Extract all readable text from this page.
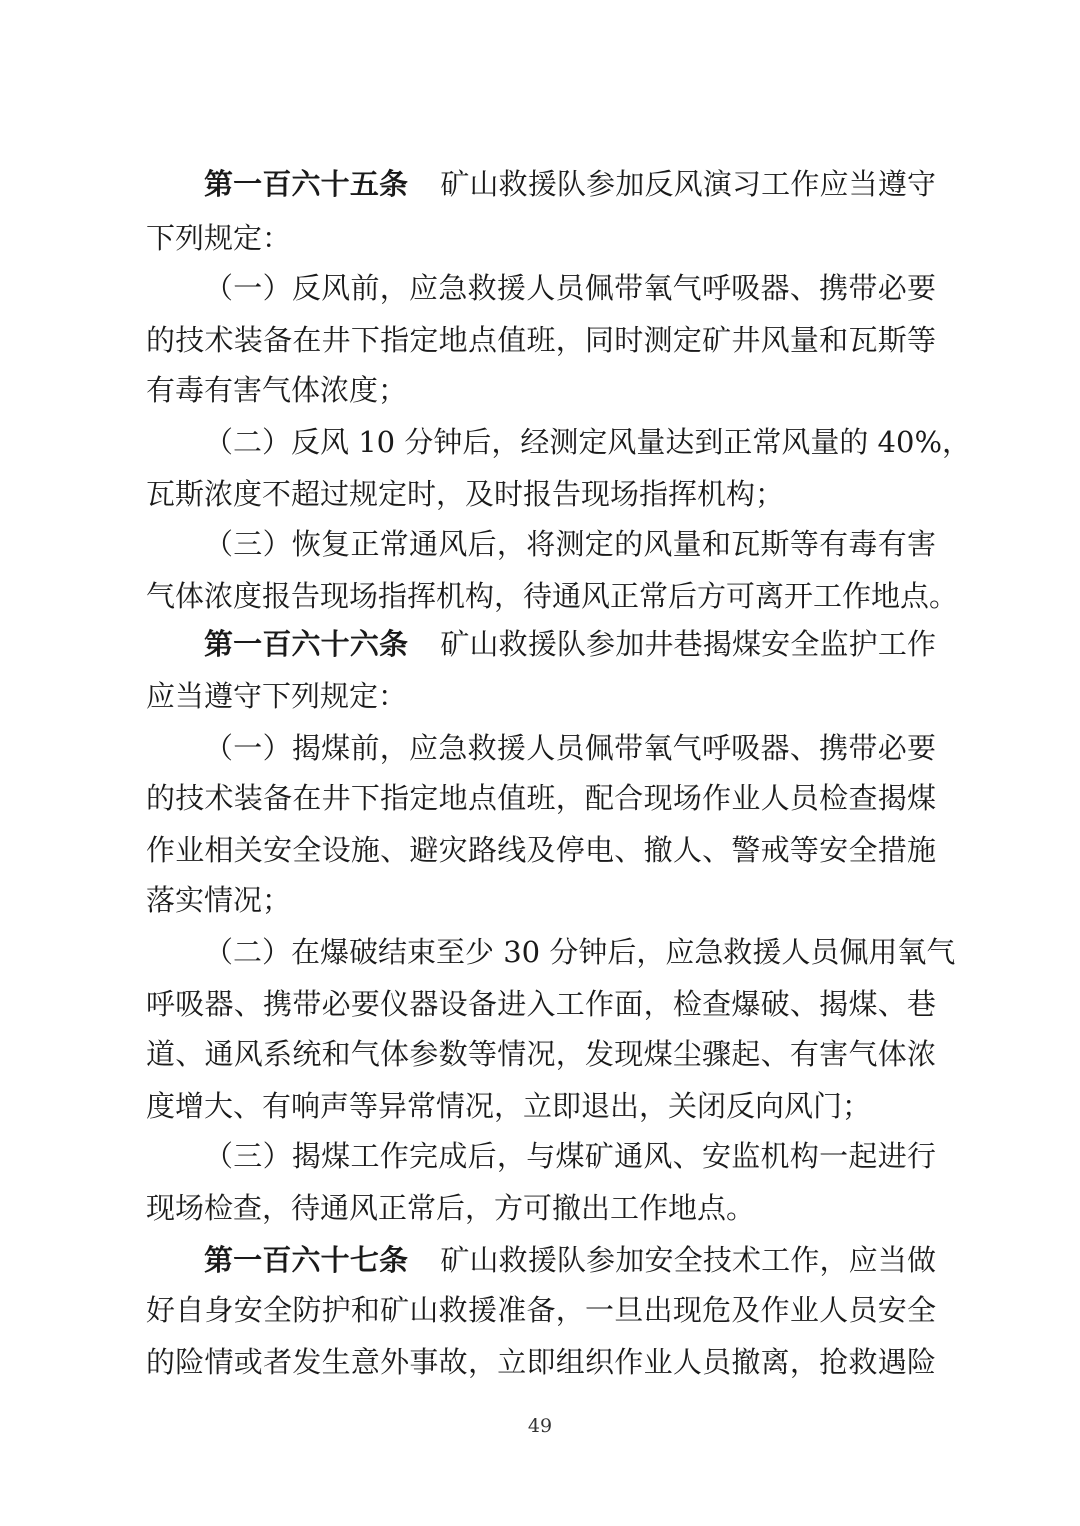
第一百六十五条 矿山救援队参加反风演习工作应当遵守
下列规定：
（一）反风前，应急救援人员佩带氧气呼吸器、携带必要
的技术装备在井下指定地点值班，同时测定矿井风量和瓦斯等
有毒有害气体浓度；
（二）反风 10 分钟后，经测定风量达到正常风量的 40%，
瓦斯浓度不超过规定时，及时报告现场指挥机构；
（三）恢复正常通风后，将测定的风量和瓦斯等有毒有害
气体浓度报告现场指挥机构，待通风正常后方可离开工作地点。
第一百六十六条 矿山救援队参加井巷揭煤安全监护工作
应当遵守下列规定：
（一）揭煤前，应急救援人员佩带氧气呼吸器、携带必要
的技术装备在井下指定地点值班，配合现场作业人员检查揭煤
作业相关安全设施、避灾路线及停电、撤人、警戒等安全措施
落实情况；
（二）在爆破结束至少 30 分钟后，应急救援人员佩用氧气
呼吸器、携带必要仪器设备进入工作面，检查爆破、揭煤、巷
道、通风系统和气体参数等情况，发现煤尘骤起、有害气体浓
度增大、有响声等异常情况，立即退出，关闭反向风门；
（三）揭煤工作完成后，与煤矿通风、安监机构一起进行
现场检查，待通风正常后，方可撤出工作地点。
第一百六十七条 矿山救援队参加安全技术工作，应当做
好自身安全防护和矿山救援准备，一旦出现危及作业人员安全
的险情或者发生意外事故，立即组织作业人员撤离，抢救遇险
49
